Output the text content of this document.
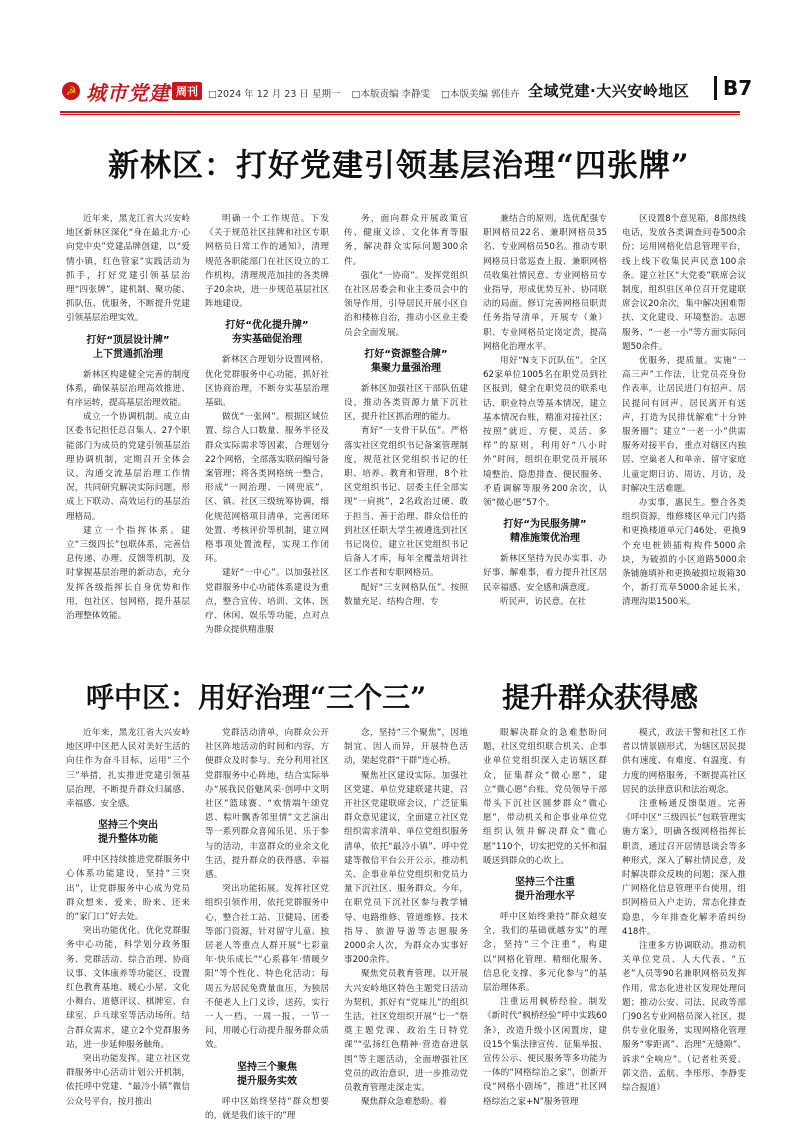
☭ 城市党建 周刊	□2024 年 12 月 23 日 星期一 □本版责编 李静雯 □本版美编 郭佳卉 全域党建·大兴安岭地区	B7
新林区：打好党建引领基层治理“四张牌”

近年来，黑龙江省大兴安岭地区新林区深化“身在最北方·心向党中央”党建品牌创建，以“爱情小镇，红色管家”实践活动为抓手，打好党建引领基层治理“四张牌”，建机制、聚功能、抓队伍、优服务，不断提升党建引领基层治理实效。

打好“顶层设计牌”
上下贯通抓治理

新林区构建健全完善的制度体系，确保基层治理高效推进、有序运转，提高基层治理效能。

成立一个协调机制。成立由区委书记担任总召集人、27个职能部门为成员的党建引领基层治理协调机制，定期召开全体会议，沟通交流基层治理工作情况，共同研究解决实际问题，形成上下联动、高效运行的基层治理格局。

建立一个指挥体系。建立“三级四长”包联体系，完善信息传递、办理、反馈等机制，及时掌握基层治理的新动态，充分发挥各级指挥长自身优势和作用，包社区、包网格，提升基层治理整体效能。

明确一个工作规范。下发《关于规范社区挂牌和社区专职网格员日常工作的通知》，清理规范各职能部门在社区设立的工作机构，清理规范加挂的各类牌子20余块，进一步规范基层社区阵地建设。

打好“优化提升牌”
夯实基础促治理

新林区合理划分设置网格，优化党群服务中心功能，抓好社区协商治理，不断夯实基层治理基础。

做优“一张网”。根据区域位置、综合人口数量、服务半径及群众实际需求等因素，合理划分22个网格，全部落实联码编号备案管理；将各类网格统一整合，形成“一网治理、一网兜底”，区、镇、社区三级统筹协调，细化规范网格项目清单，完善闭环处置、考核评价等机制，建立网格事项处置流程，实现工作闭环。

建好“一中心”。以加强社区党群服务中心功能体系建设为重点，整合宣传、培训、文体、医疗、休闲、娱乐等功能，点对点为群众提供精准服

务，面向群众开展政策宣传、健康义诊、文化体育等服务，解决群众实际问题300余件。

强化“一协商”。发挥党组织在社区居委会和业主委员会中的领导作用，引导居民开展小区自治和楼栋自治，推动小区业主委员会全面发展。

打好“资源整合牌”
集聚力量强治理

新林区加强社区干部队伍建设，推动各类资源力量下沉社区，提升社区抓治理的能力。

育好“一支骨干队伍”。严格落实社区党组织书记备案管理制度，规范社区党组织书记的任职、培养、教育和管理，8个社区党组织书记、居委主任全部实现“一肩挑”，2名政治过硬、敢于担当、善于治理、群众信任的到社区任职大学生被遴选到社区书记岗位，建立社区党组织书记后备人才库，每年全覆盖培训社区工作者和专职网格员。

配好“三支网格队伍”。按照数量充足、结构合理、专

兼结合的原则，选优配强专职网格员22名、兼职网格员35名、专业网格员50名。推动专职网格员日常巡查上报、兼职网格员收集社情民意、专业网格员专业指导，形成优势互补、协同联动的局面。修订完善网格员职责任务指导清单，开展专（兼）职、专业网格员定岗定责，提高网格化治理水平。

用好“N支下沉队伍”。全区62家单位1005名在职党员到社区报到，健全在职党员的联系电话、职业特点等基本情况，建立基本情况台账，精准对接社区；按照“就近、方便、灵活、多样”的原则，利用好“八小时外”时间，组织在职党员开展环境整治、隐患排查、便民服务、矛盾调解等服务200余次，认领“微心愿”57个。

打好“为民服务牌”
精准施策优治理

新林区坚持为民办实事、办好事、解难事，着力提升社区居民幸福感、安全感和满意度。

听民声，访民意。在社

区设置8个意见箱，8部热线电话，发放各类调查问卷500余份；运用网格化信息管理平台，线上线下收集民声民意100余条。建立社区“大党委”联席会议制度，组织驻区单位召开党建联席会议20余次，集中解决困难帮扶、文化建设、环境整治、志愿服务、“一老一小”等方面实际问题50余件。

优服务，提质量。实施“一高三声”工作法，让党员亮身份作表率，让居民进门有招声、居民提问有回声、居民离开有送声，打造为民排忧解难“十分钟服务圈”；建立“一老一小”供需服务对接平台，重点对辖区内独居、空巢老人和单亲、留守家庭儿童定期日访、周访、月访，及时解决生活难题。

办实事，惠民生。整合各类组织资源，维修楼区单元门内搭和更换楼道单元门46处，更换9个充电桩锁插构构件5000余块，为破损的小区道路5000余条铺施填补和更换破损垃圾箱30个，新打荒草5000余延长米，清理沟渠1500米。

呼中区：用好治理“三个三”	提升群众获得感

近年来，黑龙江省大兴安岭地区呼中区把人民对美好生活的向往作为奋斗目标，运用“三个三”举措，扎实推进党建引领基层治理，不断提升群众归属感、幸福感、安全感。

坚持三个突出
提升整体功能

呼中区持续推进党群服务中心体系功能建设，坚持“三突出”，让党群服务中心成为党员群众想来、爱来、盼来、还来的“家门口”好去处。

突出功能优化。优化党群服务中心功能，科学划分政务服务、党群活动、综合治理、协商议事、文体康养等功能区，设置红色教育基地、暖心小屋、文化小舞台、道德评议、棋牌室、台球室、乒乓球室等活动场所。结合群众需求，建立2个党群服务站，进一步延伸服务触角。

突出功能发挥。建立社区党群服务中心活动计划公开机制，依托呼中党建、“最冷小镇”微信公众号平台，按月推出

党群活动清单，向群众公开社区阵地活动的时间和内容，方便群众及时参与。充分利用社区党群服务中心阵地，结合实际举办“展我民俗魅风采·创呼中文明社区”篮球赛、“欢情端午颂党恩、粽叶飘香邻里情”文艺演出等一系列群众喜闻乐见、乐于参与的活动，丰富群众的业余文化生活，提升群众的获得感、幸福感。

突出功能拓展。发挥社区党组织引领作用，依托党群服务中心，整合社工站、卫健局、团委等部门资源，针对留守儿童、独居老人等重点人群开展“七彩童年·快乐成长”“心系暮年·情暖夕阳”等个性化、特色化活动；每周五为居民免费量血压，为独居不便老人上门义诊，送药，实行一人一档、一周一报、一节一问，用暖心行动提升服务群众质效。

坚持三个聚焦
提升服务实效

呼中区始终坚持“群众想要的，就是我们该干的”理

念，坚持“三个聚焦”，因地制宜、因人而异，开展特色活动，架起党群“干群”连心桥。

聚焦社区建设实际。加强社区党建、单位党建联建共建，召开社区党建联席会议，广泛征集群众意见建议，全面建立社区党组织需求清单、单位党组织服务清单，依托“最冷小镇”、呼中党建等微信平台公开公示，推动机关、企事业单位党组织和党员力量下沉社区、服务群众。今年，在职党员下沉社区参与教学辅导、电路维修、管道维修、技术指导、旅游导游等志愿服务2000余人次，为群众办实事好事200余件。

聚焦党员教育管理。以开展大兴安岭地区特色主题党日活动为契机，抓好有“党味儿”的组织生活，社区党组织开展“七一”祭奠主题党课、政治生日特党课”“弘扬红色精神·营造奋进氛围”等主题活动，全面增强社区党员的政治意识，进一步推动党员教育管理走深走实。

聚焦群众急难愁盼。着

眼解决群众的急难愁盼问题，社区党组织联合机关、企事业单位党组织深入走访辖区群众，征集群众“微心愿”，建立“微心愿”台账。党员领导干部带头下沉社区圆梦群众“微心愿”，带动机关和企事业单位党组织认领并解决群众“微心愿”110个，切实把党的关怀和温暖送到群众的心坎上。

坚持三个注重
提升治理水平

呼中区始终秉持“群众越安全，我们的基础就越夯实”的理念，坚持“三个注重”，构建以“网格化管理、精细化服务、信息化支撑、多元化参与”的基层治理体系。

注重运用枫桥经验。制发《新时代“枫桥经验”呼中实践60条》，改造升级小区闲置房，建设15个集法律宣传、征集举报、宣传公示、便民服务等多功能为一体的“网格综治之家”，创新开设“网格小剧场”，推进“社区网格综治之家+N”服务管理

模式，政法干警和社区工作者以情景剧形式，为辖区居民提供有速度、有难度、有温度、有力度的网格服务，不断提高社区居民的法律意识和法治观念。

注重畅通反馈渠道。完善《呼中区“三级四长”包联管理实施方案》，明确各级网格指挥长职责，通过召开居情恳谈会等多种形式，深入了解社情民意，及时解决群众反映的问题；深入推广网格化信息管理平台使用，组织网格员入户走访，常态化排查隐患，今年排查化解矛盾纠纷418件。

注重多方协调联动。推动机关单位党员、人大代表、“五老”人员等90名兼职网格员发挥作用，常态化进社区发现处理问题；推动公安、司法、民政等部门90名专业网格员深入社区，提供专业化服务，实现网格化管理服务“零距离”、治理“无缝隙”、诉求“全响应”。（记者杜英爱、郭文浩、孟航、李彤彤、李静雯综合报道）
